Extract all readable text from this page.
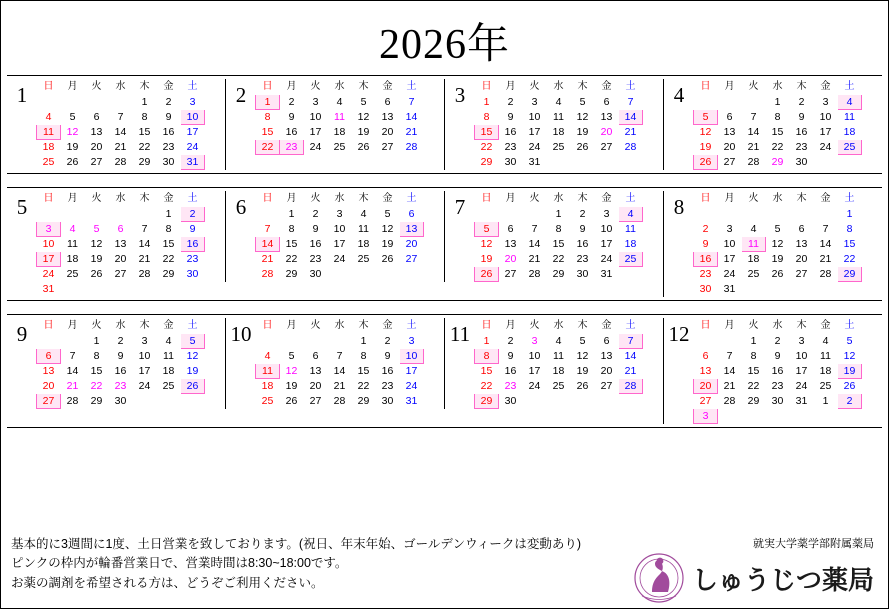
2026年
1	日	月	火	水	木	金	土
				1	2	3
4	5	6	7	8	9	10
11	12	13	14	15	16	17
18	19	20	21	22	23	24
25	26	27	28	29	30	31
2	日	月	火	水	木	金	土
1	2	3	4	5	6	7
8	9	10	11	12	13	14
15	16	17	18	19	20	21
22	23	24	25	26	27	28

3	日	月	火	水	木	金	土
1	2	3	4	5	6	7
8	9	10	11	12	13	14
15	16	17	18	19	20	21
22	23	24	25	26	27	28
29	30	31				
4	日	月	火	水	木	金	土
			1	2	3	4
5	6	7	8	9	10	11
12	13	14	15	16	17	18
19	20	21	22	23	24	25
26	27	28	29	30		
5	日	月	火	水	木	金	土
					1	2
3	4	5	6	7	8	9
10	11	12	13	14	15	16
17	18	19	20	21	22	23
24	25	26	27	28	29	30
31						
6	日	月	火	水	木	金	土
	1	2	3	4	5	6
7	8	9	10	11	12	13
14	15	16	17	18	19	20
21	22	23	24	25	26	27
28	29	30				
7	日	月	火	水	木	金	土
			1	2	3	4
5	6	7	8	9	10	11
12	13	14	15	16	17	18
19	20	21	22	23	24	25
26	27	28	29	30	31	
8	日	月	火	水	木	金	土
						1
2	3	4	5	6	7	8
9	10	11	12	13	14	15
16	17	18	19	20	21	22
23	24	25	26	27	28	29
30	31					
9	日	月	火	水	木	金	土
		1	2	3	4	5
6	7	8	9	10	11	12
13	14	15	16	17	18	19
20	21	22	23	24	25	26
27	28	29	30			
10 日	月	火	水	木	金	土
				1	2	3
4	5	6	7	8	9	10
11	12	13	14	15	16	17
18	19	20	21	22	23	24
25	26	27	28	29	30	31
11 日	月	火	水	木	金	土
1	2	3	4	5	6	7
8	9	10	11	12	13	14
15	16	17	18	19	20	21
22	23	24	25	26	27	28
29	30					
12 日	月	火	水	木	金	土
		1	2	3	4	5
6	7	8	9	10	11	12
13	14	15	16	17	18	19
20	21	22	23	24	25	26
27	28	29	30	31	1	2
3						
基本的に3週間に1度、土日営業を致しております。(祝日、年末年始、ゴールデンウィークは変動あり)
ピンクの枠内が輪番営業日で、営業時間は8:30~18:00です。
お薬の調剤を希望される方は、どうぞご利用ください。
就実大学薬学部附属薬局
しゅうじつ薬局
